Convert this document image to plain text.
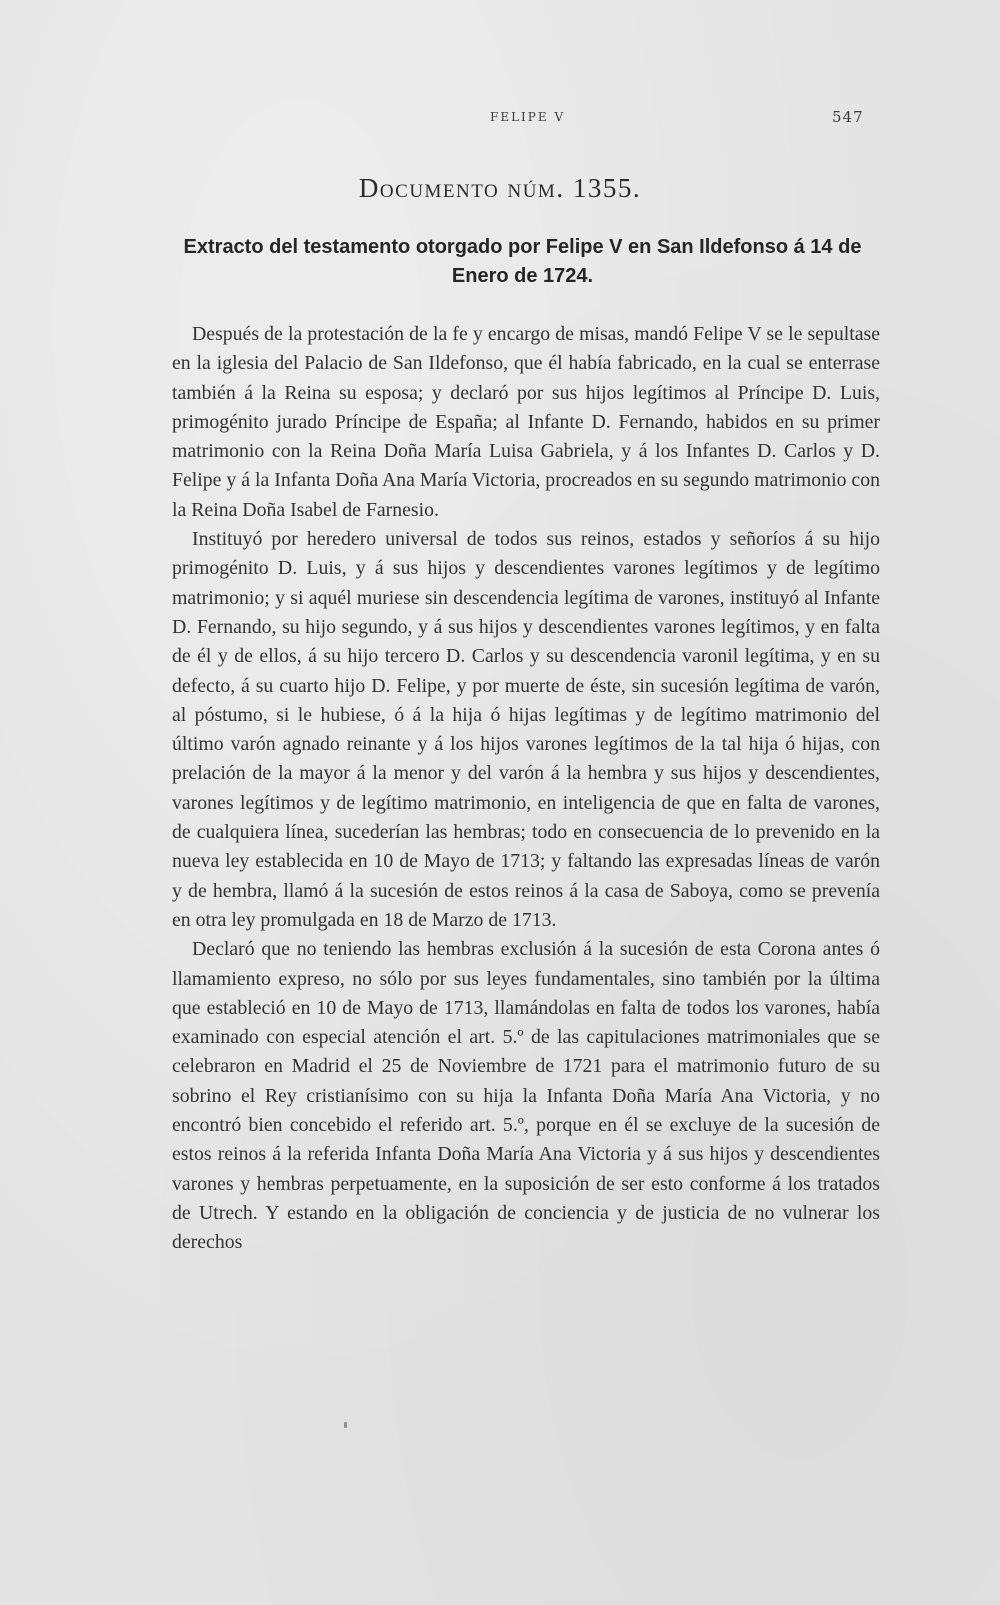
FELIPE V	547
Documento núm. 1355.
Extracto del testamento otorgado por Felipe V en San Ildefonso á 14 de Enero de 1724.

Después de la protestación de la fe y encargo de misas, mandó Felipe V se le sepultase en la iglesia del Palacio de San Ildefonso, que él había fabricado, en la cual se enterrase también á la Reina su esposa; y declaró por sus hijos legítimos al Príncipe D. Luis, primogénito jurado Príncipe de España; al Infante D. Fernando, habidos en su primer matrimonio con la Reina Doña María Luisa Gabriela, y á los Infantes D. Carlos y D. Felipe y á la Infanta Doña Ana María Victoria, procreados en su segundo matrimonio con la Reina Doña Isabel de Farnesio.

Instituyó por heredero universal de todos sus reinos, estados y señoríos á su hijo primogénito D. Luis, y á sus hijos y descendientes varones legítimos y de legítimo matrimonio; y si aquél muriese sin descendencia legítima de varones, instituyó al Infante D. Fernando, su hijo segundo, y á sus hijos y descendientes varones legítimos, y en falta de él y de ellos, á su hijo tercero D. Carlos y su descendencia varonil legítima, y en su defecto, á su cuarto hijo D. Felipe, y por muerte de éste, sin sucesión legítima de varón, al póstumo, si le hubiese, ó á la hija ó hijas legítimas y de legítimo matrimonio del último varón agnado reinante y á los hijos varones legítimos de la tal hija ó hijas, con prelación de la mayor á la menor y del varón á la hembra y sus hijos y descendientes, varones legítimos y de legítimo matrimonio, en inteligencia de que en falta de varones, de cualquiera línea, sucederían las hembras; todo en consecuencia de lo prevenido en la nueva ley establecida en 10 de Mayo de 1713; y faltando las expresadas líneas de varón y de hembra, llamó á la sucesión de estos reinos á la casa de Saboya, como se prevenía en otra ley promulgada en 18 de Marzo de 1713.

Declaró que no teniendo las hembras exclusión á la sucesión de esta Corona antes ó llamamiento expreso, no sólo por sus leyes fundamentales, sino también por la última que estableció en 10 de Mayo de 1713, llamándolas en falta de todos los varones, había examinado con especial atención el art. 5.º de las capitulaciones matrimoniales que se celebraron en Madrid el 25 de Noviembre de 1721 para el matrimonio futuro de su sobrino el Rey cristianísimo con su hija la Infanta Doña María Ana Victoria, y no encontró bien concebido el referido art. 5.º, porque en él se excluye de la sucesión de estos reinos á la referida Infanta Doña María Ana Victoria y á sus hijos y descendientes varones y hembras perpetuamente, en la suposición de ser esto conforme á los tratados de Utrech. Y estando en la obligación de conciencia y de justicia de no vulnerar los derechos
